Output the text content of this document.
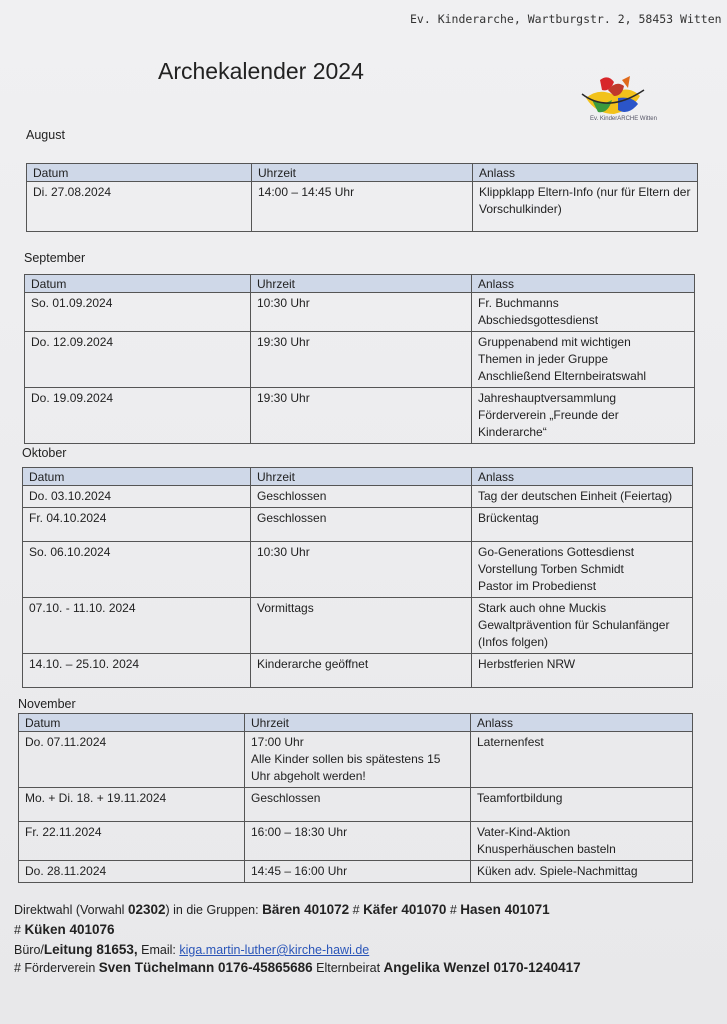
Ev. Kinderarche, Wartburgstr. 2, 58453 Witten
Archekalender 2024
Ev. KinderARCHE Witten
August
Datum	Uhrzeit	Anlass
Di. 27.08.2024	14:00 – 14:45 Uhr	Klippklapp Eltern-Info (nur für Eltern der Vorschulkinder)
September
Datum	Uhrzeit	Anlass
So. 01.09.2024	10:30 Uhr	Fr. Buchmanns
Abschiedsgottesdienst
Do. 12.09.2024	19:30 Uhr	Gruppenabend mit wichtigen
Themen in jeder Gruppe
Anschließend Elternbeiratswahl
Do. 19.09.2024	19:30 Uhr	Jahreshauptversammlung
Förderverein „Freunde der
Kinderarche“
Oktober
Datum	Uhrzeit	Anlass
Do. 03.10.2024	Geschlossen	Tag der deutschen Einheit (Feiertag)
Fr. 04.10.2024	Geschlossen	Brückentag
So. 06.10.2024	10:30 Uhr	Go-Generations Gottesdienst
Vorstellung Torben Schmidt
Pastor im Probedienst
07.10. - 11.10. 2024	Vormittags	Stark auch ohne Muckis
Gewaltprävention für Schulanfänger
(Infos folgen)
14.10. – 25.10. 2024	Kinderarche geöffnet	Herbstferien NRW
November
Datum	Uhrzeit	Anlass
Do. 07.11.2024	17:00 Uhr
Alle Kinder sollen bis spätestens 15
Uhr abgeholt werden!	Laternenfest
Mo. + Di. 18. + 19.11.2024	Geschlossen	Teamfortbildung
Fr. 22.11.2024	16:00 – 18:30 Uhr	Vater-Kind-Aktion
Knusperhäuschen basteln
Do. 28.11.2024	14:45 – 16:00 Uhr	Küken adv. Spiele-Nachmittag
Direktwahl (Vorwahl 02302) in die Gruppen: Bären 401072 # Käfer 401070 # Hasen 401071
# Küken 401076
Büro/Leitung 81653, Email: kiga.martin-luther@kirche-hawi.de
# Förderverein Sven Tüchelmann 0176-45865686 Elternbeirat Angelika Wenzel 0170-1240417
